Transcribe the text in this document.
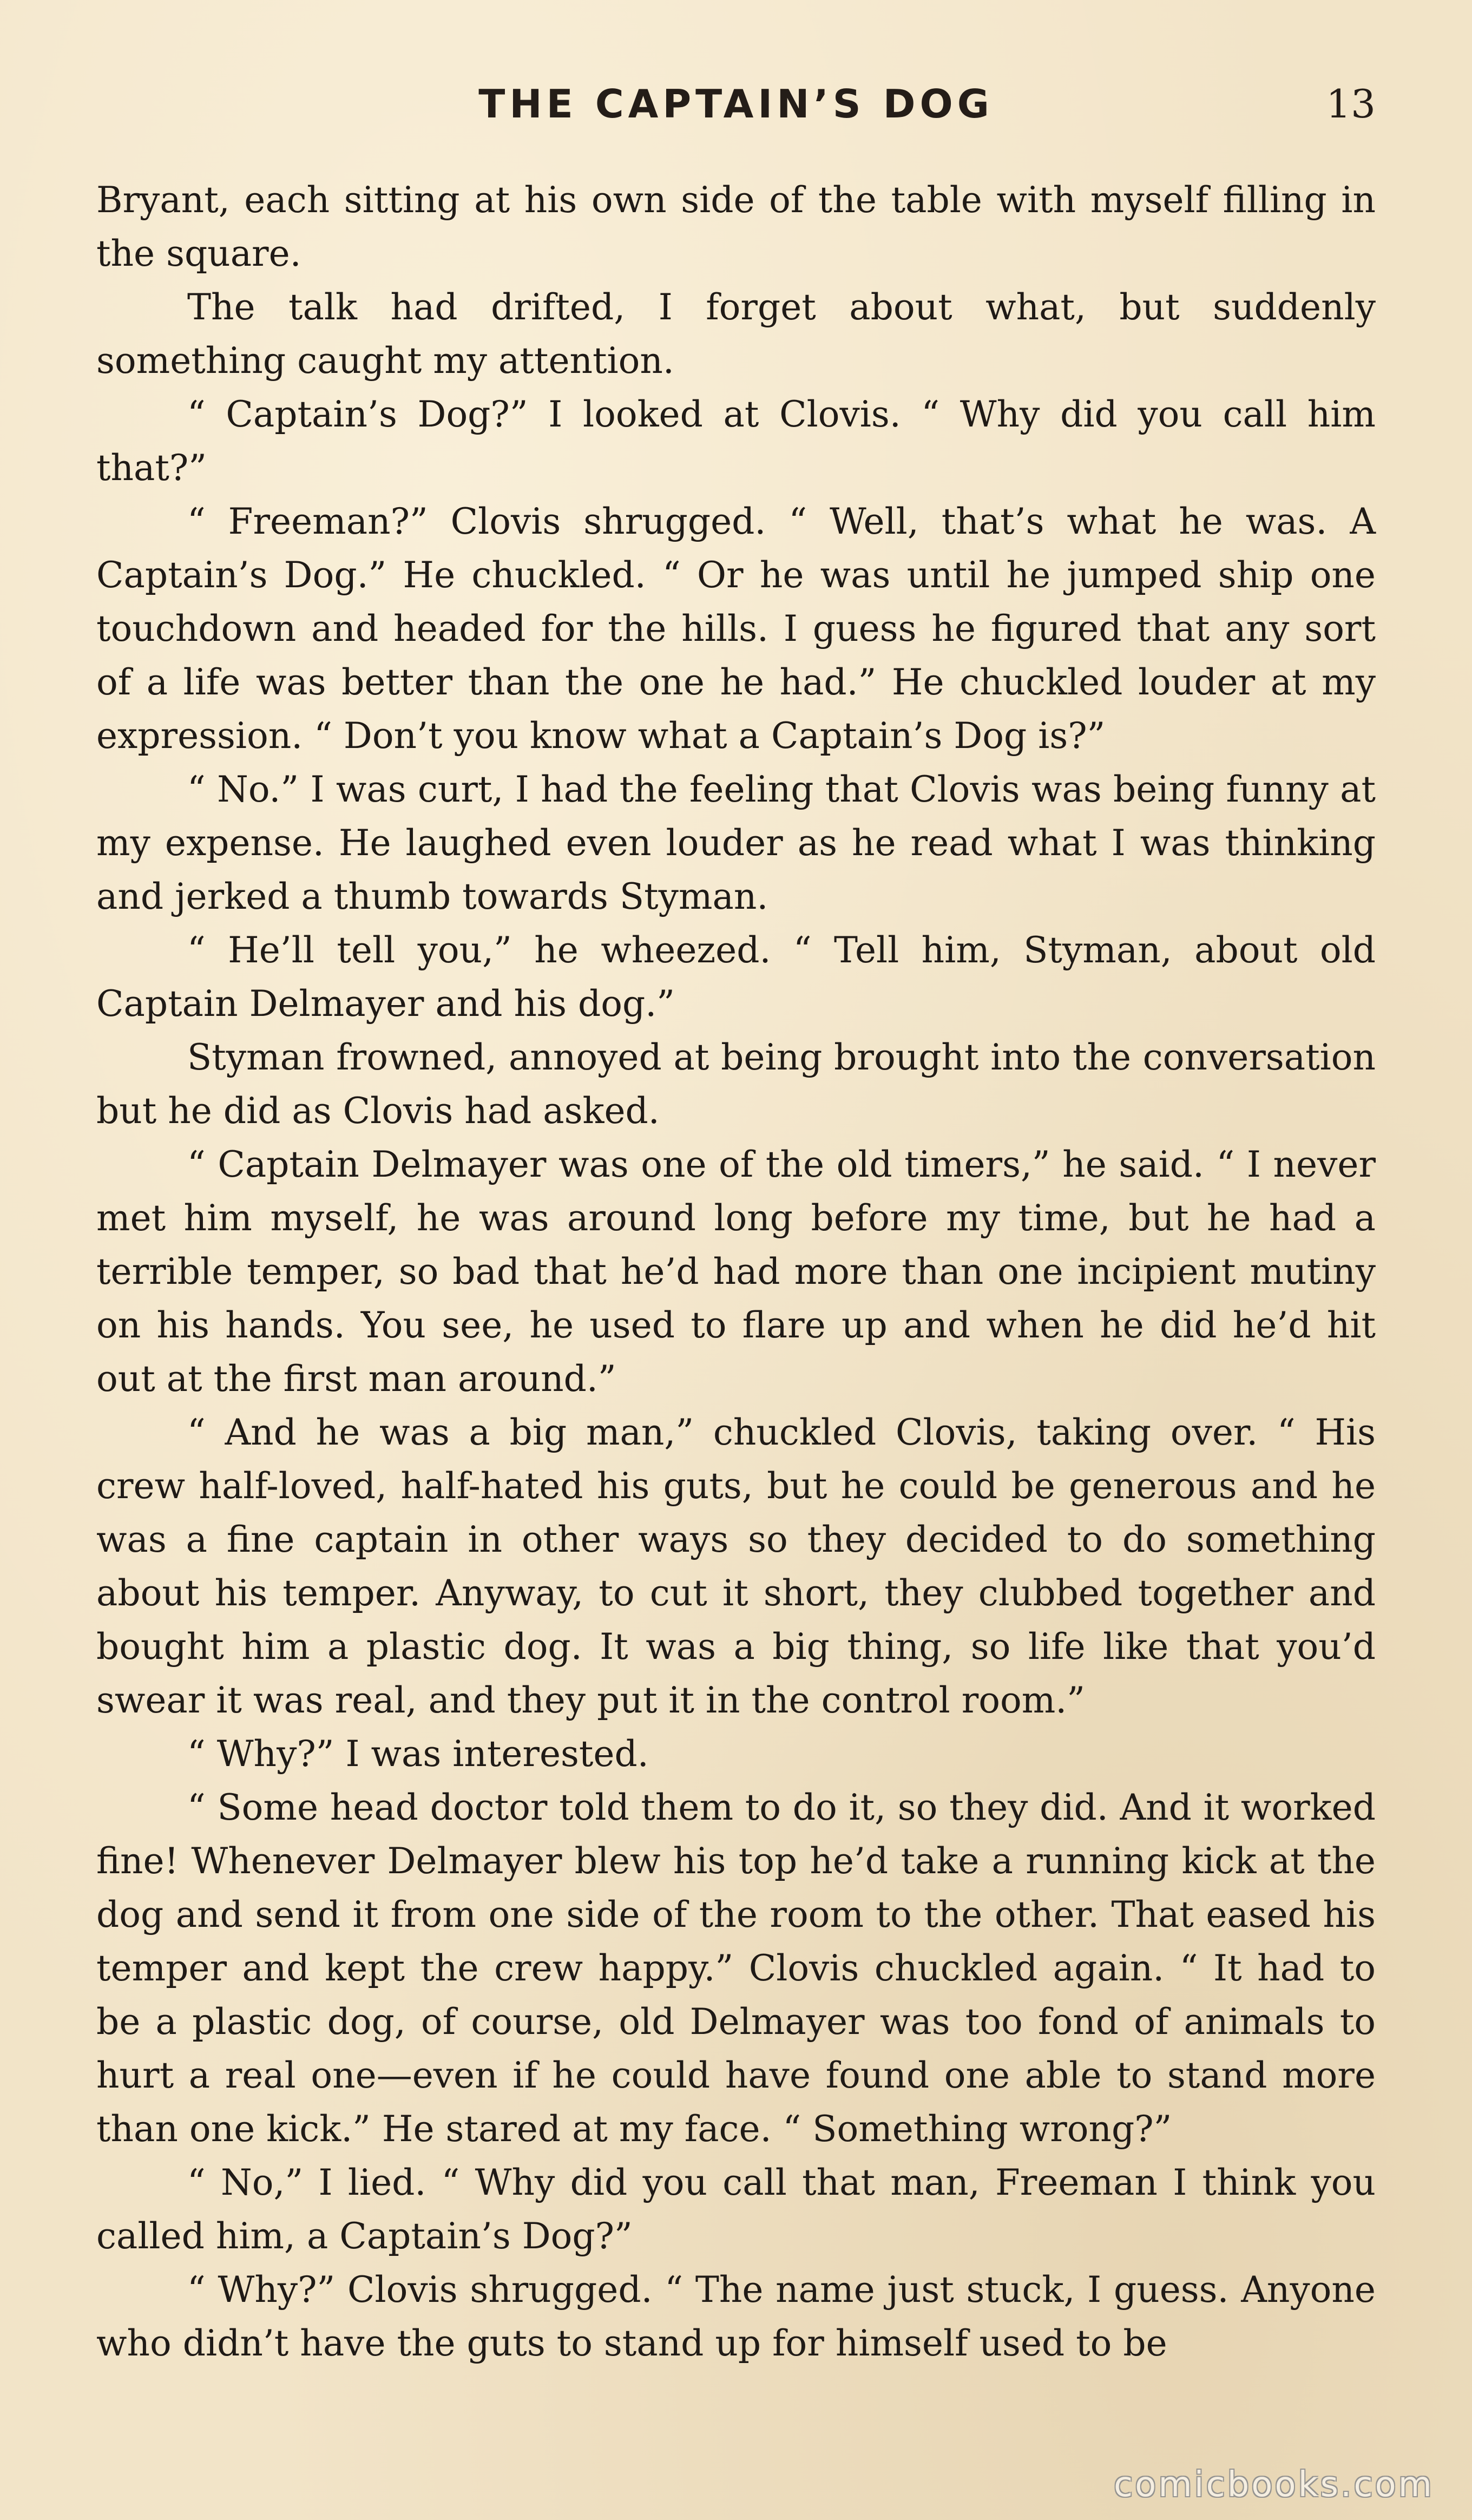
THE CAPTAIN’S DOG	13

Bryant, each sitting at his own side of the table with myself filling in the square.

The talk had drifted, I forget about what, but suddenly something caught my attention.

“ Captain’s Dog?” I looked at Clovis. “ Why did you call him that?”

“ Freeman?” Clovis shrugged. “ Well, that’s what he was. A Captain’s Dog.” He chuckled. “ Or he was until he jumped ship one touchdown and headed for the hills. I guess he figured that any sort of a life was better than the one he had.” He chuckled louder at my expression. “ Don’t you know what a Captain’s Dog is?”

“ No.” I was curt, I had the feeling that Clovis was being funny at my expense. He laughed even louder as he read what I was thinking and jerked a thumb towards Styman.

“ He’ll tell you,” he wheezed. “ Tell him, Styman, about old Captain Delmayer and his dog.”

Styman frowned, annoyed at being brought into the conversation but he did as Clovis had asked.

“ Captain Delmayer was one of the old timers,” he said. “ I never met him myself, he was around long before my time, but he had a terrible temper, so bad that he’d had more than one incipient mutiny on his hands. You see, he used to flare up and when he did he’d hit out at the first man around.”

“ And he was a big man,” chuckled Clovis, taking over. “ His crew half-loved, half-hated his guts, but he could be generous and he was a fine captain in other ways so they decided to do something about his temper. Anyway, to cut it short, they clubbed together and bought him a plastic dog. It was a big thing, so life like that you’d swear it was real, and they put it in the control room.”

“ Why?” I was interested.

“ Some head doctor told them to do it, so they did. And it worked fine! Whenever Delmayer blew his top he’d take a running kick at the dog and send it from one side of the room to the other. That eased his temper and kept the crew happy.” Clovis chuckled again. “ It had to be a plastic dog, of course, old Delmayer was too fond of animals to hurt a real one—even if he could have found one able to stand more than one kick.” He stared at my face. “ Something wrong?”

“ No,” I lied. “ Why did you call that man, Freeman I think you called him, a Captain’s Dog?”

“ Why?” Clovis shrugged. “ The name just stuck, I guess. Anyone who didn’t have the guts to stand up for himself used to be

comicbooks.com
